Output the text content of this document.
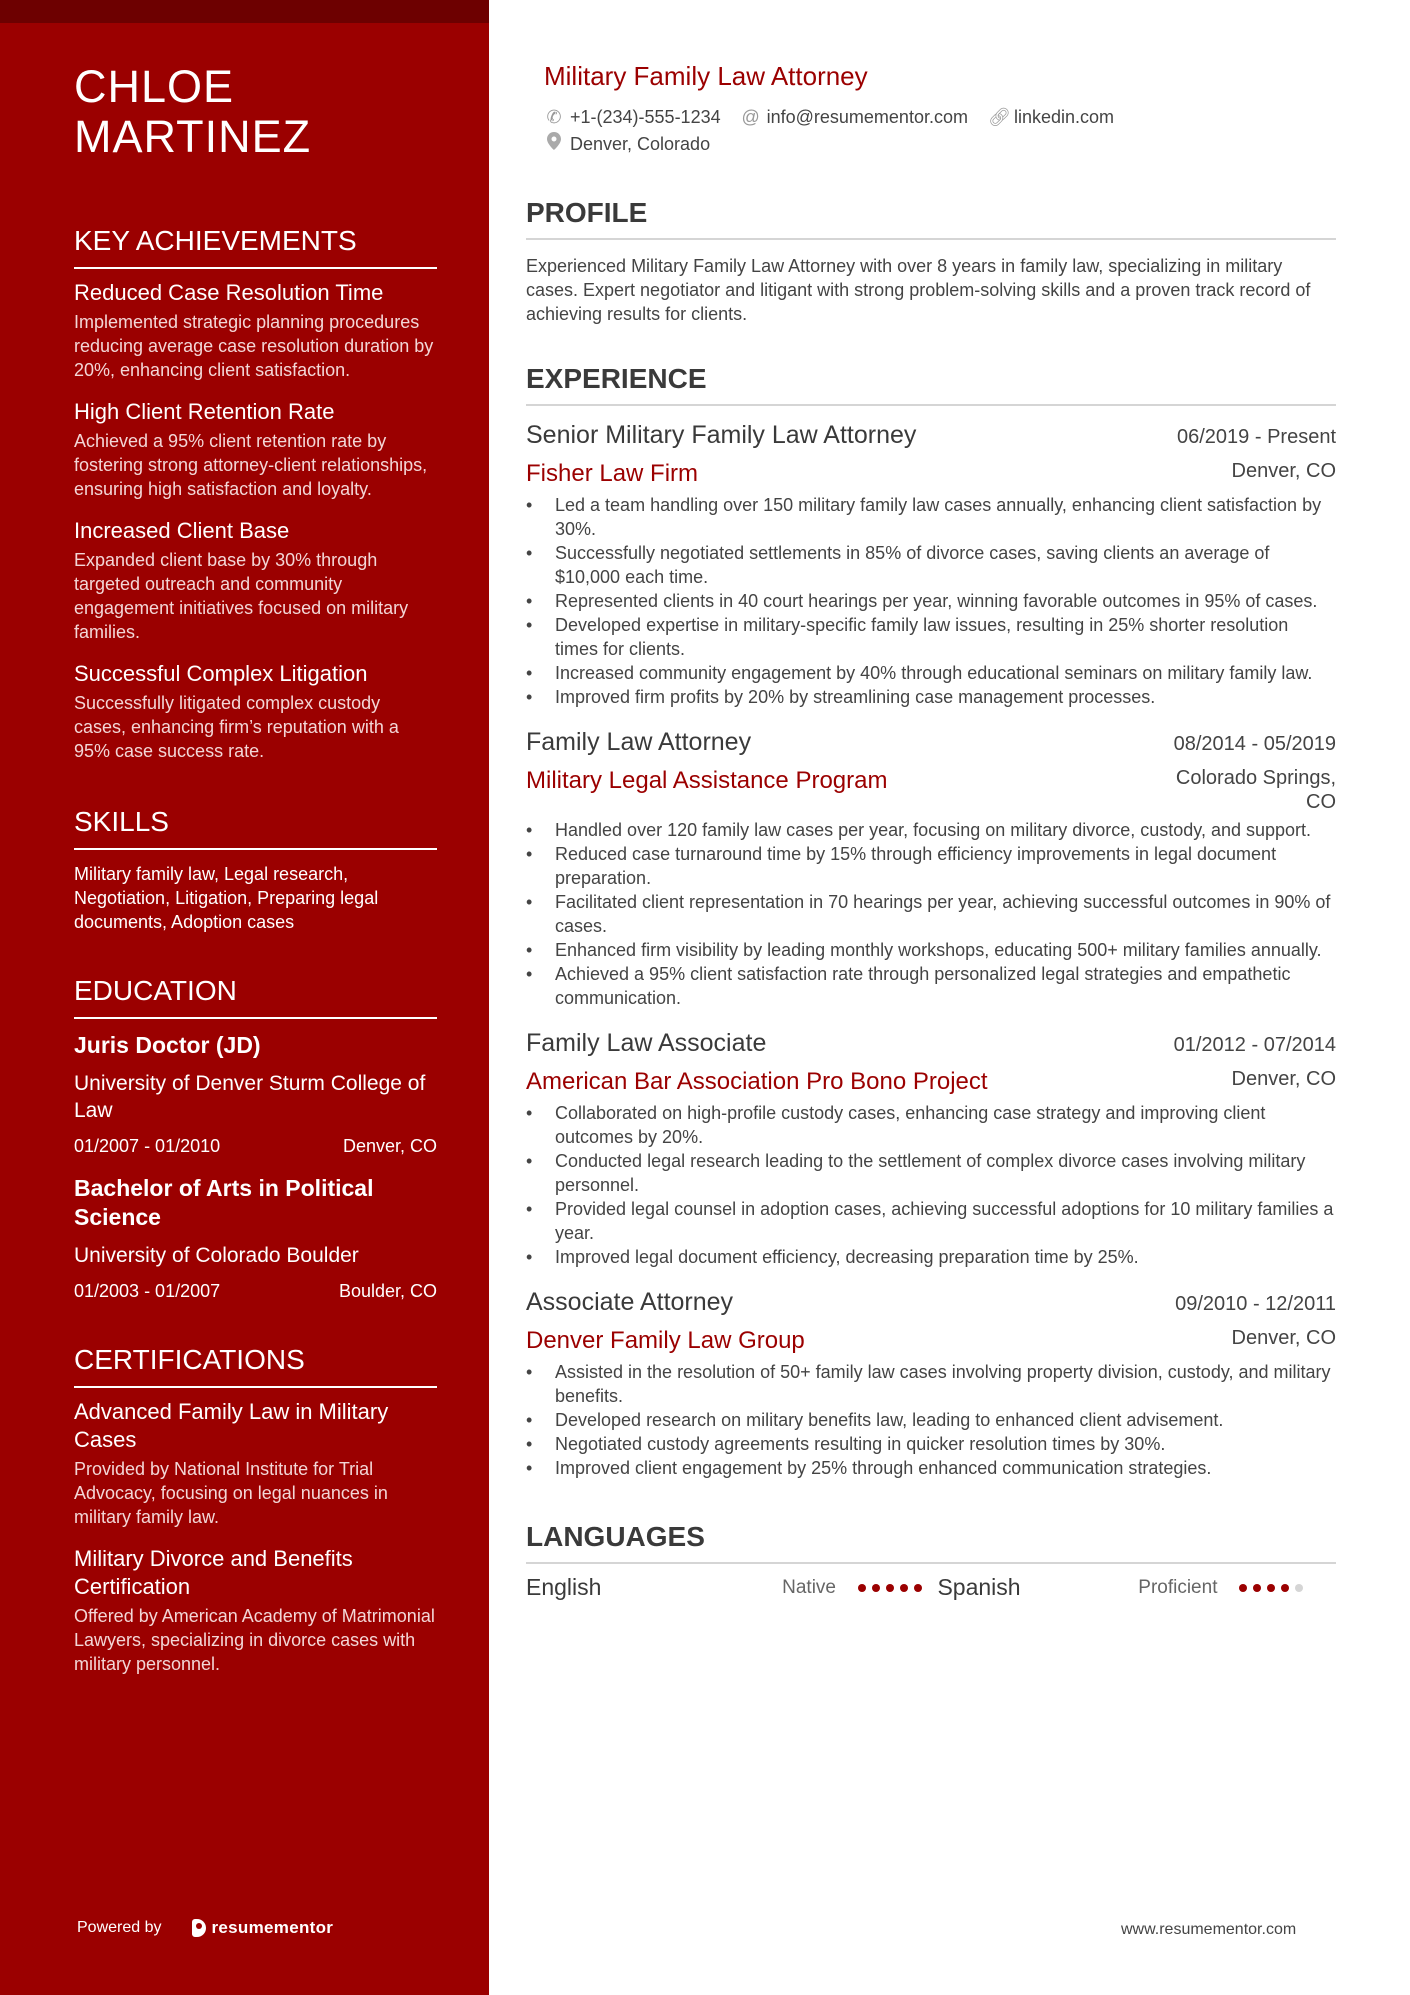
CHLOE
MARTINEZ
KEY ACHIEVEMENTS
Reduced Case Resolution Time
Implemented strategic planning procedures reducing average case resolution duration by 20%, enhancing client satisfaction.
High Client Retention Rate
Achieved a 95% client retention rate by fostering strong attorney-client relationships, ensuring high satisfaction and loyalty.
Increased Client Base
Expanded client base by 30% through targeted outreach and community engagement initiatives focused on military families.
Successful Complex Litigation
Successfully litigated complex custody cases, enhancing firm’s reputation with a 95% case success rate.
SKILLS
Military family law, Legal research, Negotiation, Litigation, Preparing legal documents, Adoption cases
EDUCATION
Juris Doctor (JD)
University of Denver Sturm College of Law
01/2007 - 01/2010	Denver, CO
Bachelor of Arts in Political Science
University of Colorado Boulder
01/2003 - 01/2007	Boulder, CO
CERTIFICATIONS
Advanced Family Law in Military Cases
Provided by National Institute for Trial Advocacy, focusing on legal nuances in military family law.
Military Divorce and Benefits Certification
Offered by American Academy of Matrimonial Lawyers, specializing in divorce cases with military personnel.
Powered by	resumementor
Military Family Law Attorney
✆ +1-(234)-555-1234 @ info@resumementor.com 🔗︎ linkedin.com
Denver, Colorado
PROFILE
Experienced Military Family Law Attorney with over 8 years in family law, specializing in military cases. Expert negotiator and litigant with strong problem-solving skills and a proven track record of achieving results for clients.
EXPERIENCE
Senior Military Family Law Attorney	06/2019 - Present
Fisher Law Firm	Denver, CO
• Led a team handling over 150 military family law cases annually, enhancing client satisfaction by 30%.
• Successfully negotiated settlements in 85% of divorce cases, saving clients an average of $10,000 each time.
• Represented clients in 40 court hearings per year, winning favorable outcomes in 95% of cases.
• Developed expertise in military-specific family law issues, resulting in 25% shorter resolution times for clients.
• Increased community engagement by 40% through educational seminars on military family law.
• Improved firm profits by 20% by streamlining case management processes.
Family Law Attorney	08/2014 - 05/2019
Military Legal Assistance Program	Colorado Springs, CO
• Handled over 120 family law cases per year, focusing on military divorce, custody, and support.
• Reduced case turnaround time by 15% through efficiency improvements in legal document preparation.
• Facilitated client representation in 70 hearings per year, achieving successful outcomes in 90% of cases.
• Enhanced firm visibility by leading monthly workshops, educating 500+ military families annually.
• Achieved a 95% client satisfaction rate through personalized legal strategies and empathetic communication.
Family Law Associate	01/2012 - 07/2014
American Bar Association Pro Bono Project	Denver, CO
• Collaborated on high-profile custody cases, enhancing case strategy and improving client outcomes by 20%.
• Conducted legal research leading to the settlement of complex divorce cases involving military personnel.
• Provided legal counsel in adoption cases, achieving successful adoptions for 10 military families a year.
• Improved legal document efficiency, decreasing preparation time by 25%.
Associate Attorney	09/2010 - 12/2011
Denver Family Law Group	Denver, CO
• Assisted in the resolution of 50+ family law cases involving property division, custody, and military benefits.
• Developed research on military benefits law, leading to enhanced client advisement.
• Negotiated custody agreements resulting in quicker resolution times by 30%.
• Improved client engagement by 25% through enhanced communication strategies.
LANGUAGES
English	Native	Spanish	Proficient
www.resumementor.com
